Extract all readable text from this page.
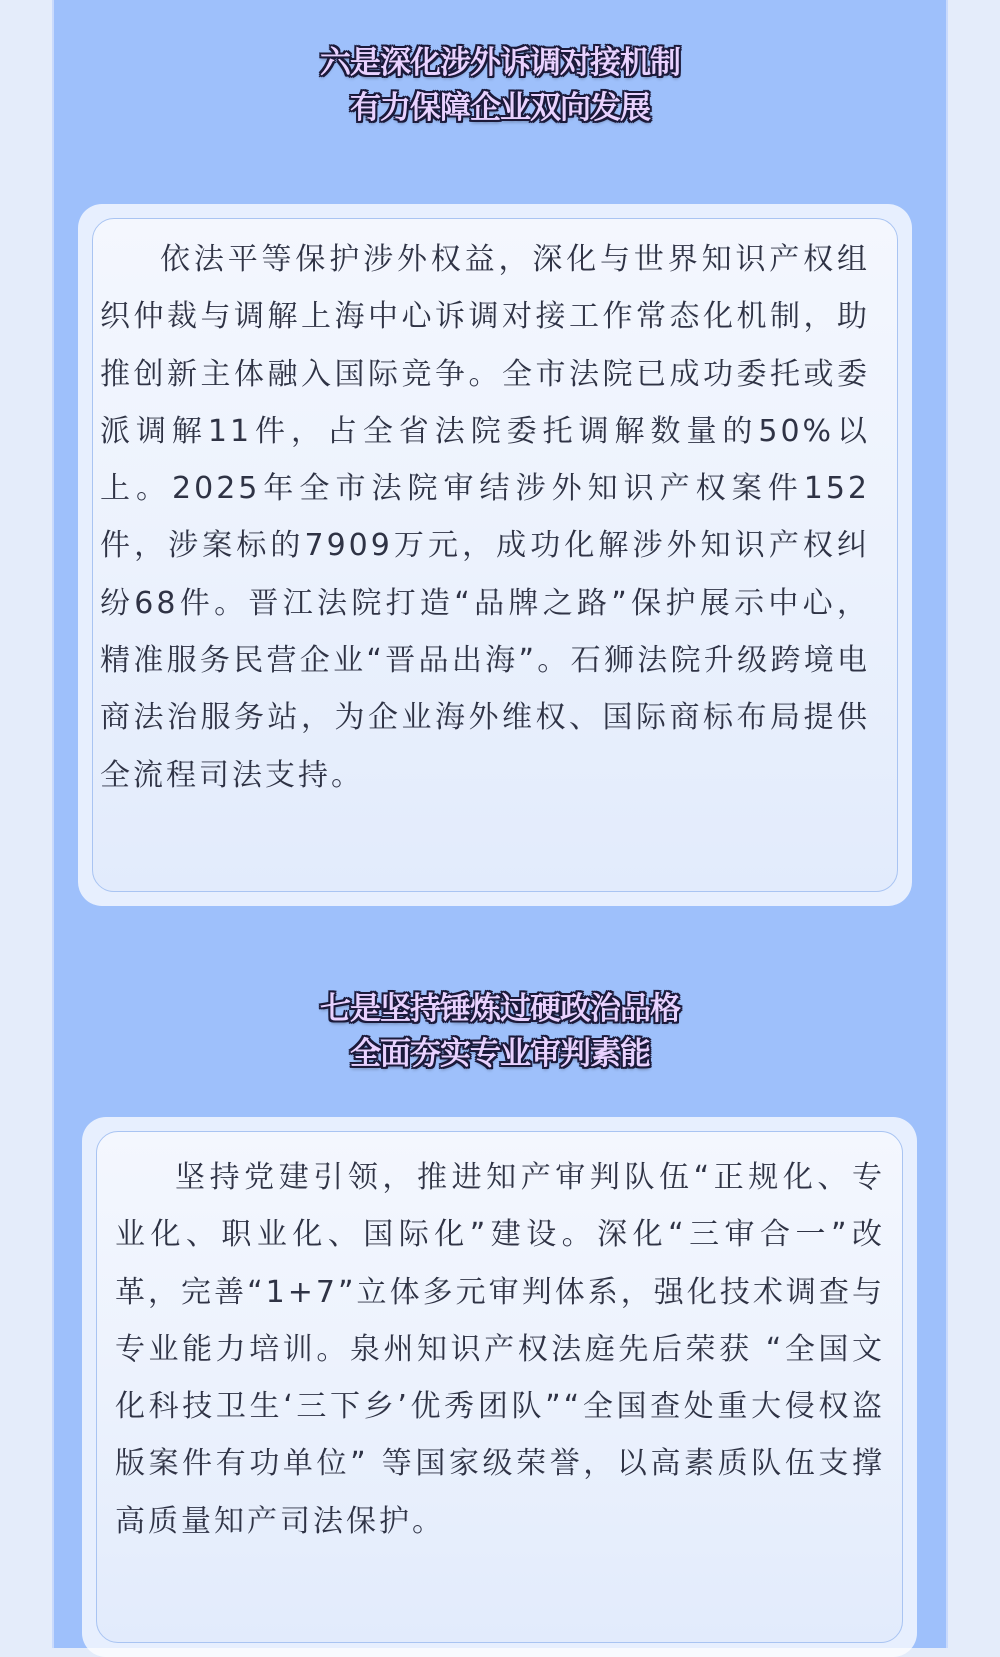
六是深化涉外诉调对接机制
有力保障企业双向发展

依法平等保护涉外权益，深化与世界知识产权组织仲裁与调解上海中心诉调对接工作常态化机制，助推创新主体融入国际竞争。全市法院已成功委托或委派调解11件，占全省法院委托调解数量的50%以上。2025年全市法院审结涉外知识产权案件152件，涉案标的7909万元，成功化解涉外知识产权纠纷68件。晋江法院打造“品牌之路”保护展示中心，精准服务民营企业“晋品出海”。石狮法院升级跨境电商法治服务站，为企业海外维权、国际商标布局提供全流程司法支持。

七是坚持锤炼过硬政治品格
全面夯实专业审判素能

坚持党建引领，推进知产审判队伍“正规化、专业化、职业化、国际化”建设。深化“三审合一”改革，完善“1+7”立体多元审判体系，强化技术调查与专业能力培训。泉州知识产权法庭先后荣获 “全国文化科技卫生‘三下乡’优秀团队”“全国查处重大侵权盗版案件有功单位” 等国家级荣誉，以高素质队伍支撑高质量知产司法保护。
